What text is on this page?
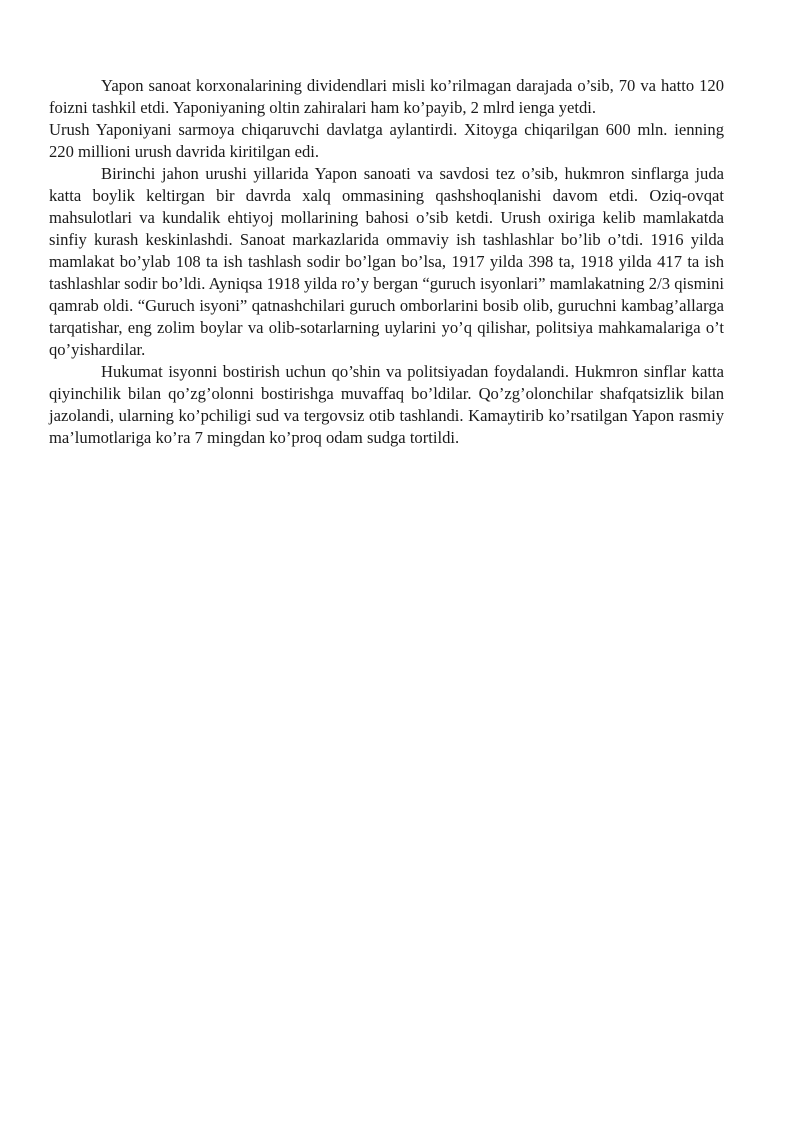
Yapon sanoat korxonalarining dividendlari misli ko’rilmagan darajada o’sib, 70 va hatto 120 foizni tashkil etdi. Yaponiyaning oltin zahiralari ham ko’payib, 2 mlrd ienga yetdi.

Urush Yaponiyani sarmoya chiqaruvchi davlatga aylantirdi. Xitoyga chiqarilgan 600 mln. ienning 220 millioni urush davrida kiritilgan edi.

Birinchi jahon urushi yillarida Yapon sanoati va savdosi tez o’sib, hukmron sinflarga juda katta boylik keltirgan bir davrda xalq ommasining qashshoqlanishi davom etdi. Oziq-ovqat mahsulotlari va kundalik ehtiyoj mollarining bahosi o’sib ketdi. Urush oxiriga kelib mamlakatda sinfiy kurash keskinlashdi. Sanoat markazlarida ommaviy ish tashlashlar bo’lib o’tdi. 1916 yilda mamlakat bo’ylab 108 ta ish tashlash sodir bo’lgan bo’lsa, 1917 yilda 398 ta, 1918 yilda 417 ta ish tashlashlar sodir bo’ldi. Ayniqsa 1918 yilda ro’y bergan “guruch isyonlari” mamlakatning 2/3 qismini qamrab oldi. “Guruch isyoni” qatnashchilari guruch omborlarini bosib olib, guruchni kambag’allarga tarqatishar, eng zolim boylar va olib-sotarlarning uylarini yo’q qilishar, politsiya mahkamalariga o’t qo’yishardilar.

Hukumat isyonni bostirish uchun qo’shin va politsiyadan foydalandi. Hukmron sinflar katta qiyinchilik bilan qo’zg’olonni bostirishga muvaffaq bo’ldilar. Qo’zg’olonchilar shafqatsizlik bilan jazolandi, ularning ko’pchiligi sud va tergovsiz otib tashlandi. Kamaytirib ko’rsatilgan Yapon rasmiy ma’lumotlariga ko’ra 7 mingdan ko’proq odam sudga tortildi.
